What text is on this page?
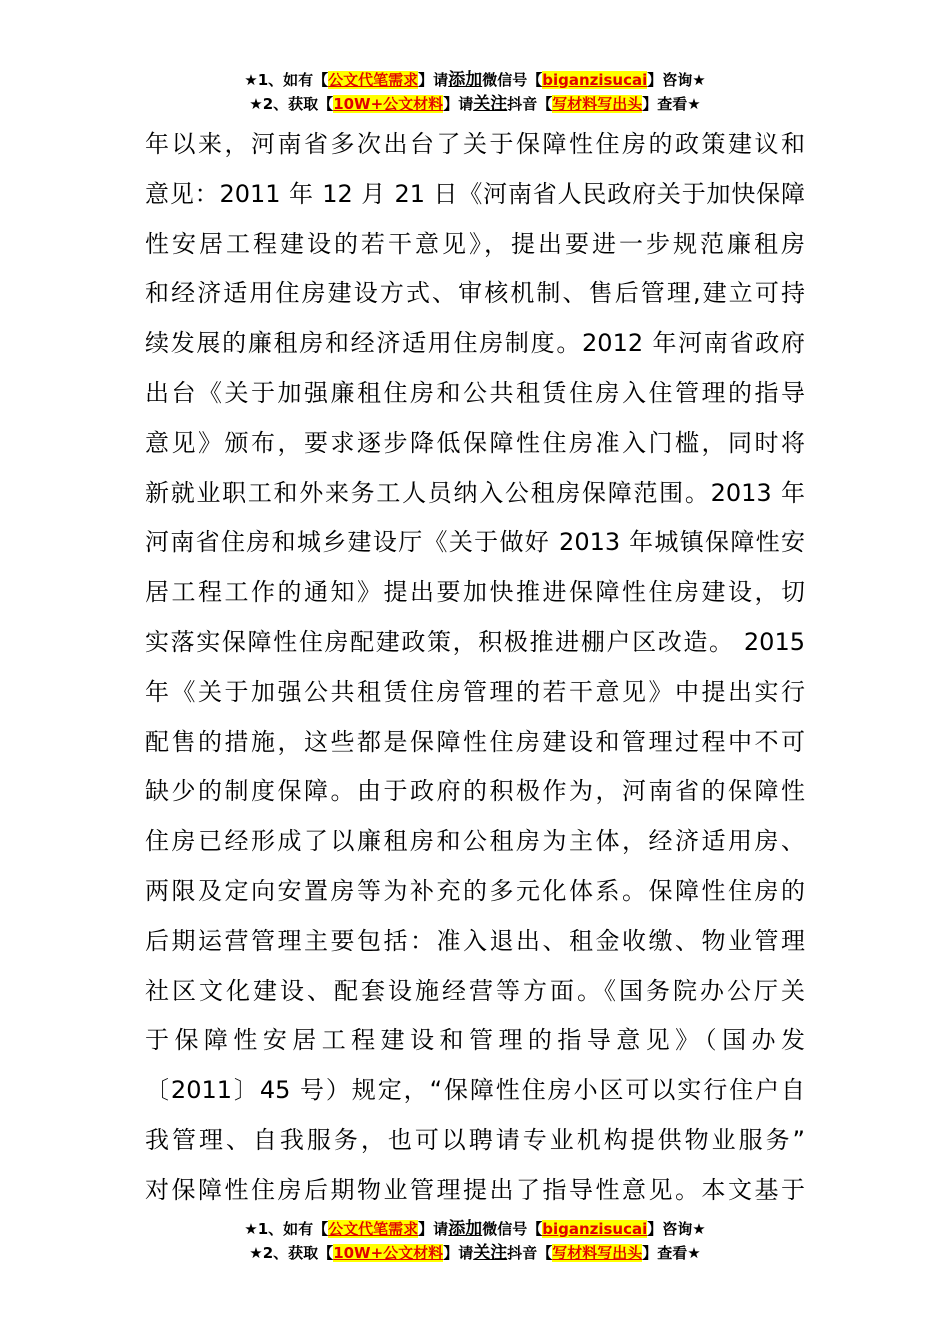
★1、如有【公文代笔需求】请添加微信号【biganzisucai】咨询★
★2、获取【10W+公文材料】请关注抖音【写材料写出头】查看★
年以来，河南省多次出台了关于保障性住房的政策建议和
意见：2011 年 12 月 21 日《河南省人民政府关于加快保障
性安居工程建设的若干意见》，提出要进一步规范廉租房
和经济适用住房建设方式、审核机制、售后管理,建立可持
续发展的廉租房和经济适用住房制度。2012 年河南省政府
出台《关于加强廉租住房和公共租赁住房入住管理的指导
意见》颁布，要求逐步降低保障性住房准入门槛，同时将
新就业职工和外来务工人员纳入公租房保障范围。2013 年
河南省住房和城乡建设厅《关于做好 2013 年城镇保障性安
居工程工作的通知》提出要加快推进保障性住房建设，切
实落实保障性住房配建政策，积极推进棚户区改造。 2015
年《关于加强公共租赁住房管理的若干意见》中提出实行
配售的措施，这些都是保障性住房建设和管理过程中不可
缺少的制度保障。由于政府的积极作为，河南省的保障性
住房已经形成了以廉租房和公租房为主体，经济适用房、
两限及定向安置房等为补充的多元化体系。保障性住房的
后期运营管理主要包括：准入退出、租金收缴、物业管理
社区文化建设、配套设施经营等方面。《国务院办公厅关
于保障性安居工程建设和管理的指导意见》（国办发
〔2011〕45 号）规定，“保障性住房小区可以实行住户自
我管理、自我服务，也可以聘请专业机构提供物业服务”
对保障性住房后期物业管理提出了指导性意见。本文基于
★1、如有【公文代笔需求】请添加微信号【biganzisucai】咨询★
★2、获取【10W+公文材料】请关注抖音【写材料写出头】查看★
